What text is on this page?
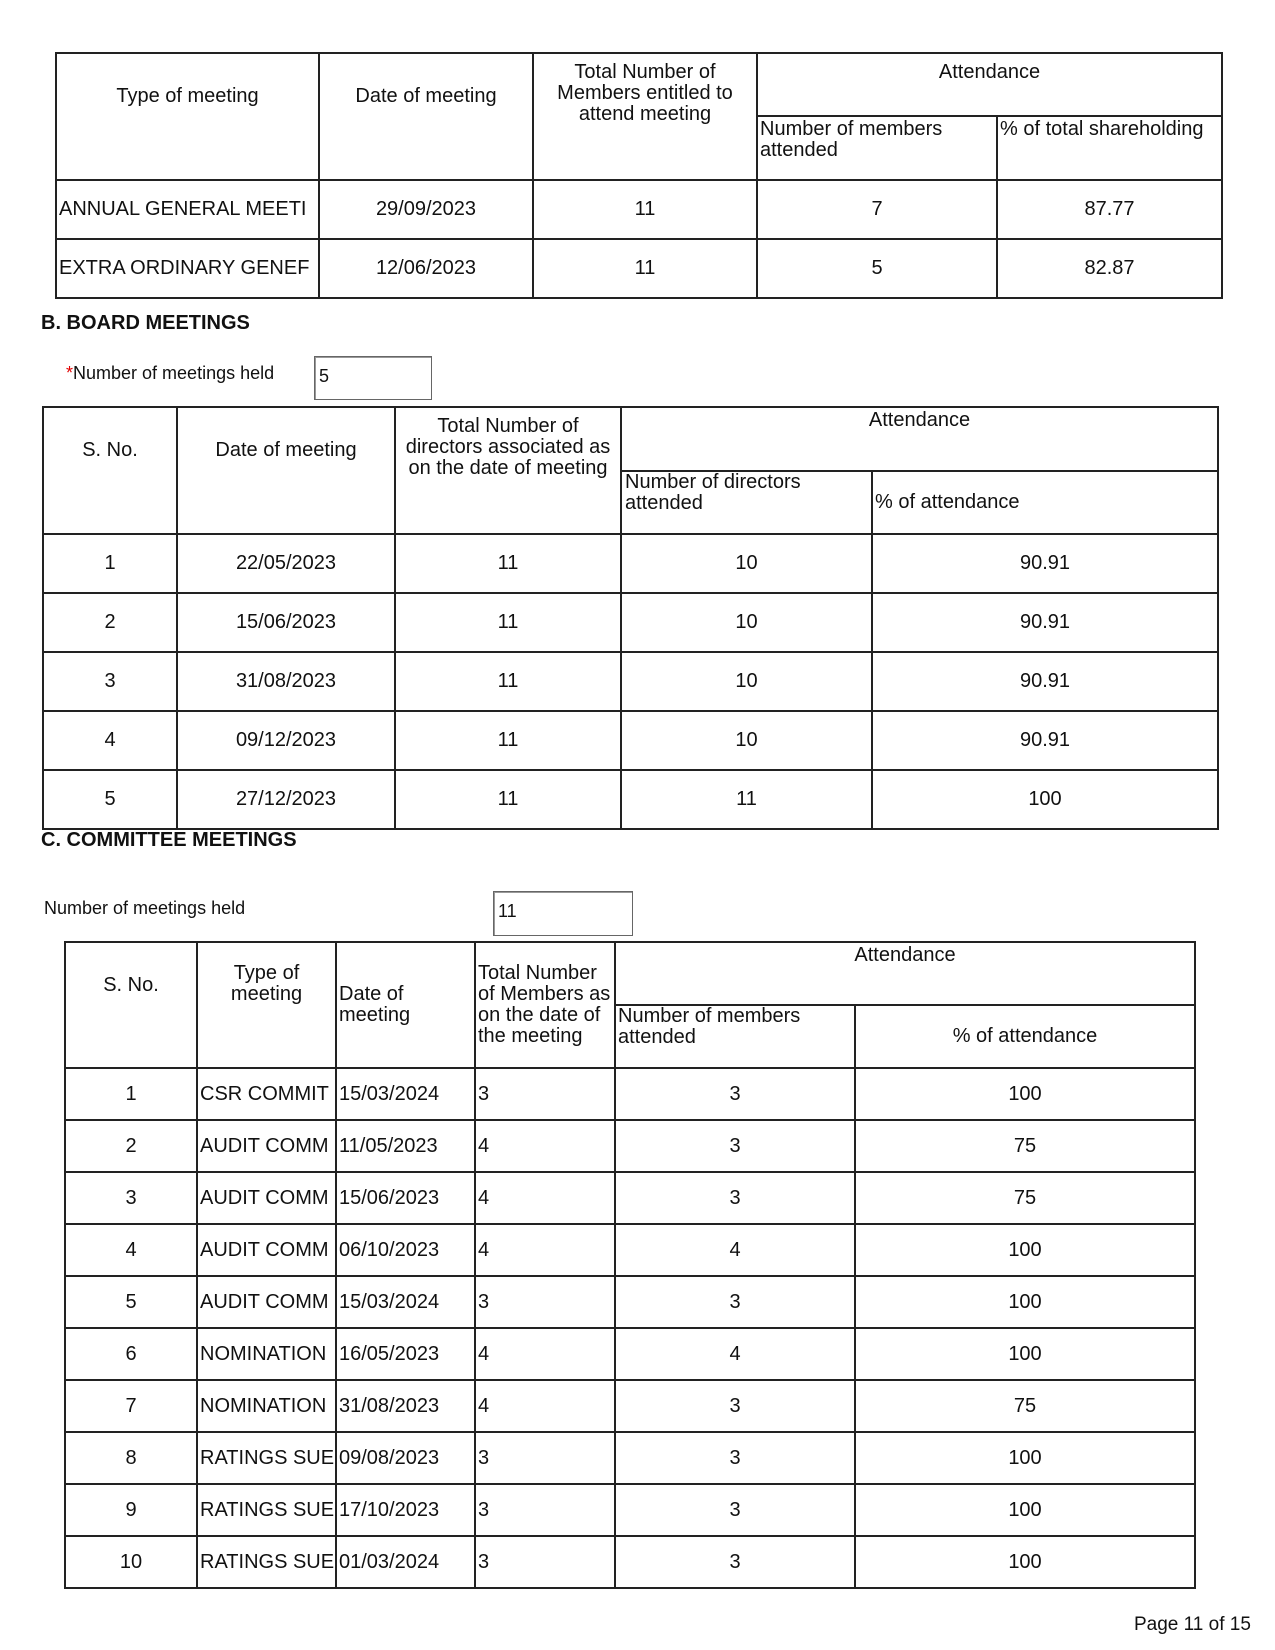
Type of meeting	Date of meeting	Total Number of Members entitled to attend meeting	Attendance	
			Number of members attended	% of total shareholding
ANNUAL GENERAL MEETI	29/09/2023	11	7	87.77
EXTRA ORDINARY GENEF	12/06/2023	11	5	82.87
B. BOARD MEETINGS
*Number of meetings held 5
S. No.	Date of meeting	Total Number of directors associated as on the date of meeting	Attendance	
			Number of directors attended	% of attendance
1	22/05/2023	11	10	90.91
2	15/06/2023	11	10	90.91
3	31/08/2023	11	10	90.91
4	09/12/2023	11	10	90.91
5	27/12/2023	11	11	100
C. COMMITTEE MEETINGS
Number of meetings held	11
S. No.	Type of meeting	Date of meeting	Total Number of Members as on the date of the meeting	Attendance	
				Number of members attended	% of attendance
1	CSR COMMIT	15/03/2024	3	3	100
2	AUDIT COMM	11/05/2023	4	3	75
3	AUDIT COMM	15/06/2023	4	3	75
4	AUDIT COMM	06/10/2023	4	4	100
5	AUDIT COMM	15/03/2024	3	3	100
6	NOMINATION	16/05/2023	4	4	100
7	NOMINATION	31/08/2023	4	3	75
8	RATINGS SUE	09/08/2023	3	3	100
9	RATINGS SUE	17/10/2023	3	3	100
10	RATINGS SUE	01/03/2024	3	3	100
Page 11 of 15
